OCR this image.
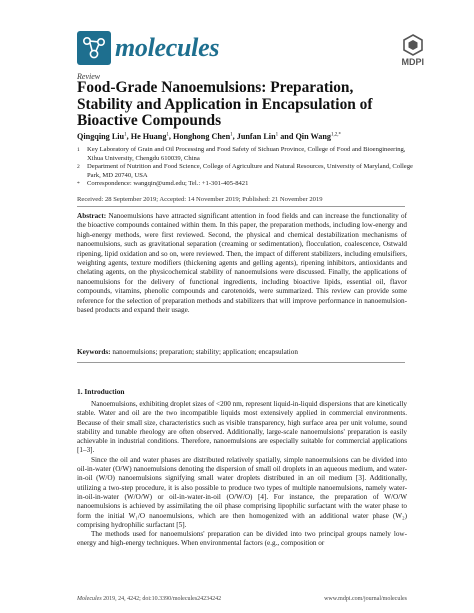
molecules	MDPI
Review
Food-Grade Nanoemulsions: Preparation, Stability and Application in Encapsulation of Bioactive Compounds
Qingqing Liu$^1$, He Huang$^1$, Honghong Chen$^1$, Junfan Lin$^1$ and Qin Wang$^{1,2,*}$
1	Key Laboratory of Grain and Oil Processing and Food Safety of Sichuan Province, College of Food and Bioengineering, Xihua University, Chengdu 610039, China
2	Department of Nutrition and Food Science, College of Agriculture and Natural Resources, University of Maryland, College Park, MD 20740, USA
*	Correspondence: wangqin@umd.edu; Tel.: +1-301-405-8421
Received: 28 September 2019; Accepted: 14 November 2019; Published: 21 November 2019
Abstract: Nanoemulsions have attracted significant attention in food fields and can increase the functionality of the bioactive compounds contained within them. In this paper, the preparation methods, including low-energy and high-energy methods, were first reviewed. Second, the physical and chemical destabilization mechanisms of nanoemulsions, such as gravitational separation (creaming or sedimentation), flocculation, coalescence, Ostwald ripening, lipid oxidation and so on, were reviewed. Then, the impact of different stabilizers, including emulsifiers, weighting agents, texture modifiers (thickening agents and gelling agents), ripening inhibitors, antioxidants and chelating agents, on the physicochemical stability of nanoemulsions were discussed. Finally, the applications of nanoemulsions for the delivery of functional ingredients, including bioactive lipids, essential oil, flavor compounds, vitamins, phenolic compounds and carotenoids, were summarized. This review can provide some reference for the selection of preparation methods and stabilizers that will improve performance in nanoemulsion-based products and expand their usage.
Keywords: nanoemulsions; preparation; stability; application; encapsulation
1. Introduction

Nanoemulsions, exhibiting droplet sizes of <200 nm, represent liquid-in-liquid dispersions that are kinetically stable. Water and oil are the two incompatible liquids most extensively applied in commercial environments. Because of their small size, characteristics such as visible transparency, high surface area per unit volume, sound stability and tunable rheology are often observed. Additionally, large-scale nanoemulsions' preparation is easily achievable in industrial conditions. Therefore, nanoemulsions are especially suitable for commercial applications [1–3].

Since the oil and water phases are distributed relatively spatially, simple nanoemulsions can be divided into oil-in-water (O/W) nanoemulsions denoting the dispersion of small oil droplets in an aqueous medium, and water-in-oil (W/O) nanoemulsions signifying small water droplets distributed in an oil medium [3]. Additionally, utilizing a two-step procedure, it is also possible to produce two types of multiple nanoemulsions, namely water-in-oil-in-water (W/O/W) or oil-in-water-in-oil (O/W/O) [4]. For instance, the preparation of W/O/W nanoemulsions is achieved by assimilating the oil phase comprising lipophilic surfactant with the water phase to form the initial W₁/O nanoemulsions, which are then homogenized with an additional water phase (W₂) comprising hydrophilic surfactant [5].

The methods used for nanoemulsions' preparation can be divided into two principal groups namely low-energy and high-energy techniques. When environmental factors (e.g., composition or

Molecules 2019, 24, 4242; doi:10.3390/molecules24234242	www.mdpi.com/journal/molecules
